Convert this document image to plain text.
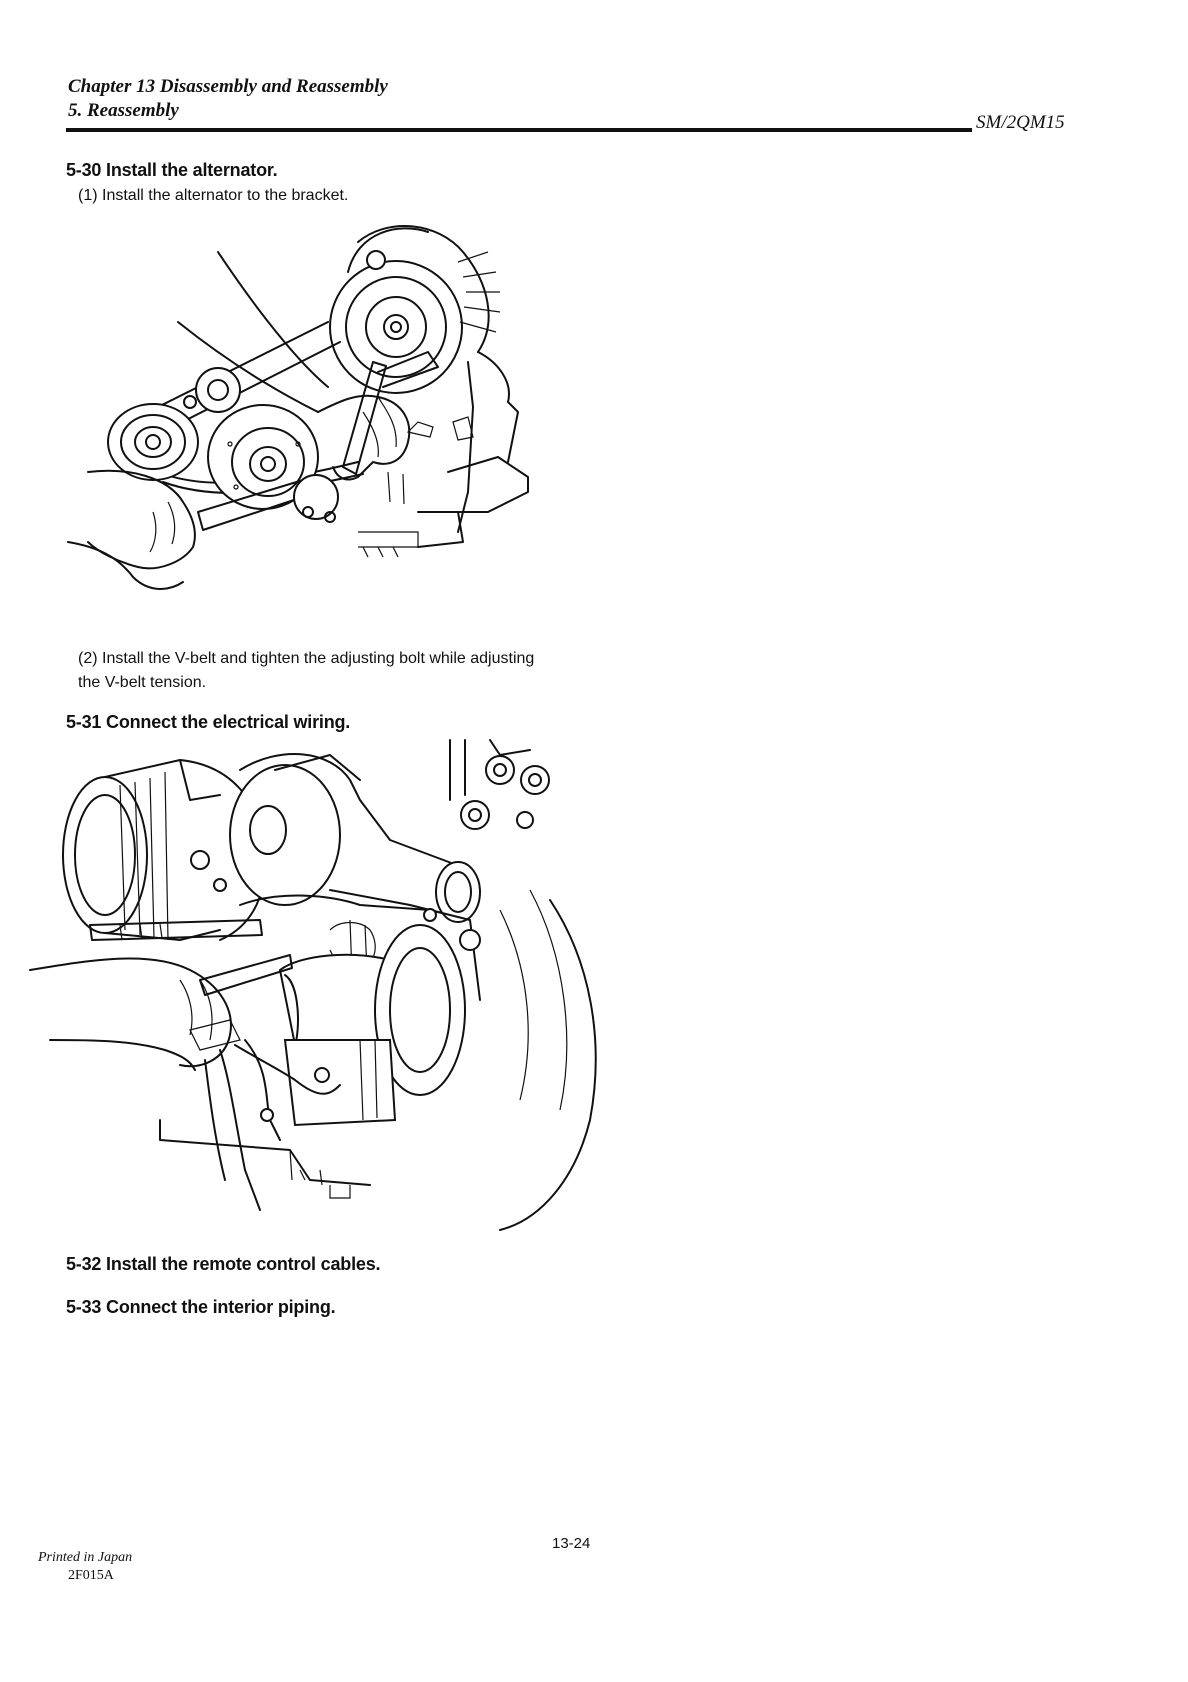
Chapter 13 Disassembly and Reassembly
5. Reassembly
SM/2QM15
5-30 Install the alternator.
(1) Install the alternator to the bracket.
(2) Install the V-belt and tighten the adjusting bolt while adjusting the V-belt tension.
5-31 Connect the electrical wiring.
5-32 Install the remote control cables.
5-33 Connect the interior piping.
13-24
Printed in Japan
2F015A
